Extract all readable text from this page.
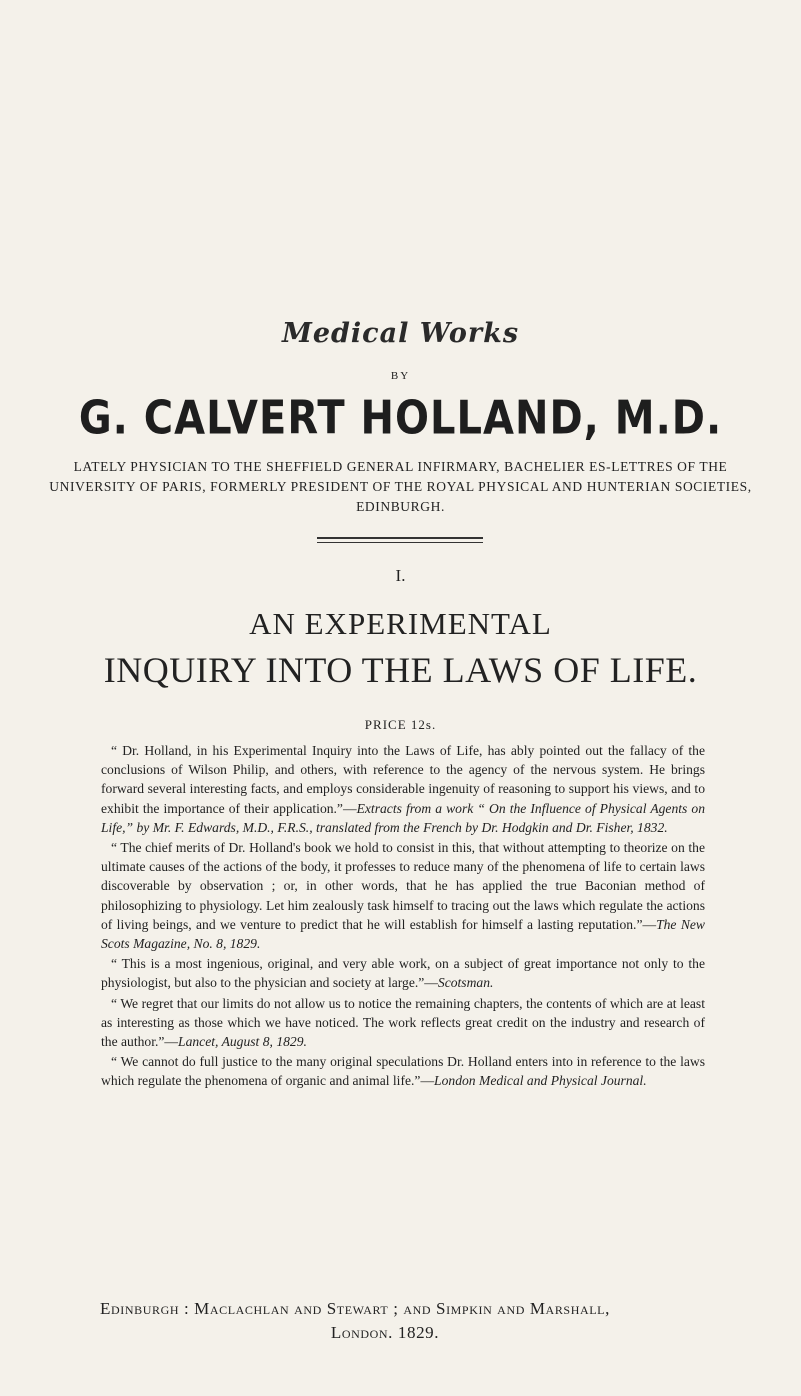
Medical Works
BY
G. CALVERT HOLLAND, M.D.
LATELY PHYSICIAN TO THE SHEFFIELD GENERAL INFIRMARY, BACHELIER ES-LETTRES OF THE UNIVERSITY OF PARIS, FORMERLY PRESIDENT OF THE ROYAL PHYSICAL AND HUNTERIAN SOCIETIES, EDINBURGH.
I.
AN EXPERIMENTAL
INQUIRY INTO THE LAWS OF LIFE.
PRICE 12s.

“ Dr. Holland, in his Experimental Inquiry into the Laws of Life, has ably pointed out the fallacy of the conclusions of Wilson Philip, and others, with reference to the agency of the nervous system. He brings forward several interesting facts, and employs considerable ingenuity of reasoning to support his views, and to exhibit the importance of their application.”—Extracts from a work “ On the Influence of Physical Agents on Life,” by Mr. F. Edwards, M.D., F.R.S., translated from the French by Dr. Hodgkin and Dr. Fisher, 1832.

“ The chief merits of Dr. Holland's book we hold to consist in this, that without attempting to theorize on the ultimate causes of the actions of the body, it professes to reduce many of the phenomena of life to certain laws discoverable by observation ; or, in other words, that he has applied the true Baconian method of philosophizing to physiology. Let him zealously task himself to tracing out the laws which regulate the actions of living beings, and we venture to predict that he will establish for himself a lasting reputation.”—The New Scots Magazine, No. 8, 1829.

“ This is a most ingenious, original, and very able work, on a subject of great importance not only to the physiologist, but also to the physician and society at large.”—Scotsman.

“ We regret that our limits do not allow us to notice the remaining chapters, the contents of which are at least as interesting as those which we have noticed. The work reflects great credit on the industry and research of the author.”—Lancet, August 8, 1829.

“ We cannot do full justice to the many original speculations Dr. Holland enters into in reference to the laws which regulate the phenomena of organic and animal life.”—London Medical and Physical Journal.

Edinburgh : Maclachlan and Stewart ; and Simpkin and Marshall,
London. 1829.
